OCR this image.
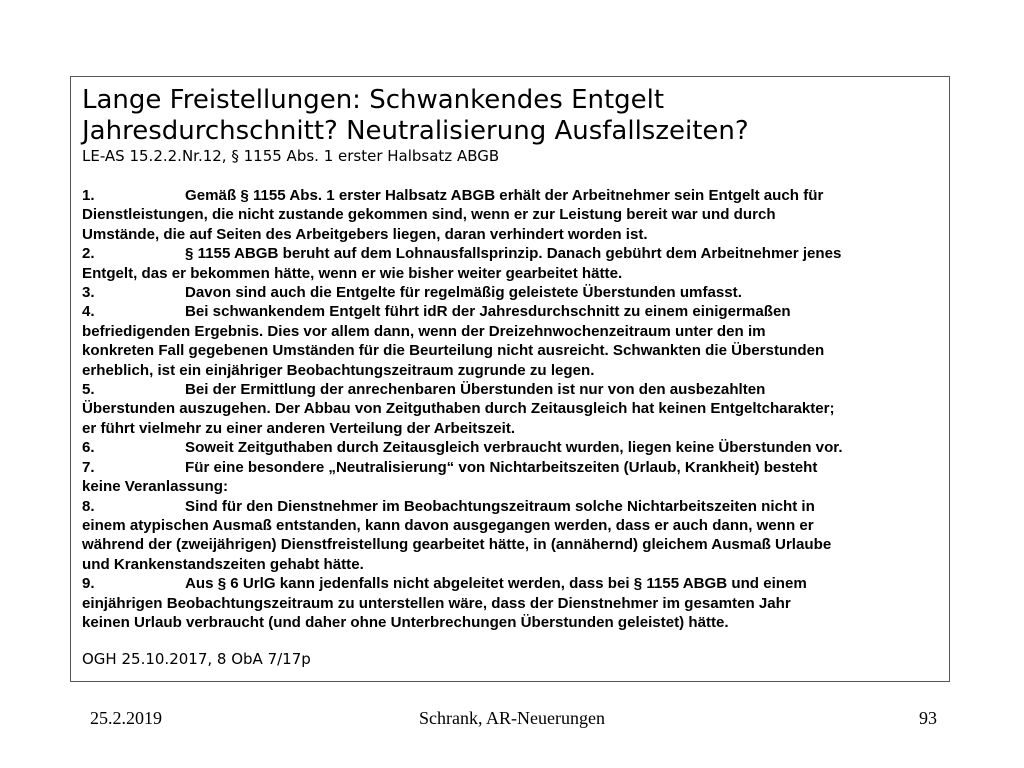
Lange Freistellungen: Schwankendes Entgelt
Jahresdurchschnitt? Neutralisierung Ausfallszeiten?
LE-AS 15.2.2.Nr.12, § 1155 Abs. 1 erster Halbsatz ABGB
1.	Gemäß § 1155 Abs. 1 erster Halbsatz ABGB erhält der Arbeitnehmer sein Entgelt auch für
Dienstleistungen, die nicht zustande gekommen sind, wenn er zur Leistung bereit war und durch
Umstände, die auf Seiten des Arbeitgebers liegen, daran verhindert worden ist.
2.	§ 1155 ABGB beruht auf dem Lohnausfallsprinzip. Danach gebührt dem Arbeitnehmer jenes
Entgelt, das er bekommen hätte, wenn er wie bisher weiter gearbeitet hätte.
3.	Davon sind auch die Entgelte für regelmäßig geleistete Überstunden umfasst.
4.	Bei schwankendem Entgelt führt idR der Jahresdurchschnitt zu einem einigermaßen
befriedigenden Ergebnis. Dies vor allem dann, wenn der Dreizehnwochenzeitraum unter den im
konkreten Fall gegebenen Umständen für die Beurteilung nicht ausreicht. Schwankten die Überstunden
erheblich, ist ein einjähriger Beobachtungszeitraum zugrunde zu legen.
5.	Bei der Ermittlung der anrechenbaren Überstunden ist nur von den ausbezahlten
Überstunden auszugehen. Der Abbau von Zeitguthaben durch Zeitausgleich hat keinen Entgeltcharakter;
er führt vielmehr zu einer anderen Verteilung der Arbeitszeit.
6.	Soweit Zeitguthaben durch Zeitausgleich verbraucht wurden, liegen keine Überstunden vor.
7.	Für eine besondere „Neutralisierung“ von Nichtarbeitszeiten (Urlaub, Krankheit) besteht
keine Veranlassung:
8.	Sind für den Dienstnehmer im Beobachtungszeitraum solche Nichtarbeitszeiten nicht in
einem atypischen Ausmaß entstanden, kann davon ausgegangen werden, dass er auch dann, wenn er
während der (zweijährigen) Dienstfreistellung gearbeitet hätte, in (annähernd) gleichem Ausmaß Urlaube
und Krankenstandszeiten gehabt hätte.
9.	Aus § 6 UrlG kann jedenfalls nicht abgeleitet werden, dass bei § 1155 ABGB und einem
einjährigen Beobachtungszeitraum zu unterstellen wäre, dass der Dienstnehmer im gesamten Jahr
keinen Urlaub verbraucht (und daher ohne Unterbrechungen Überstunden geleistet) hätte.
OGH 25.10.2017, 8 ObA 7/17p
Schrank, AR-Neuerungen
25.2.2019	93
